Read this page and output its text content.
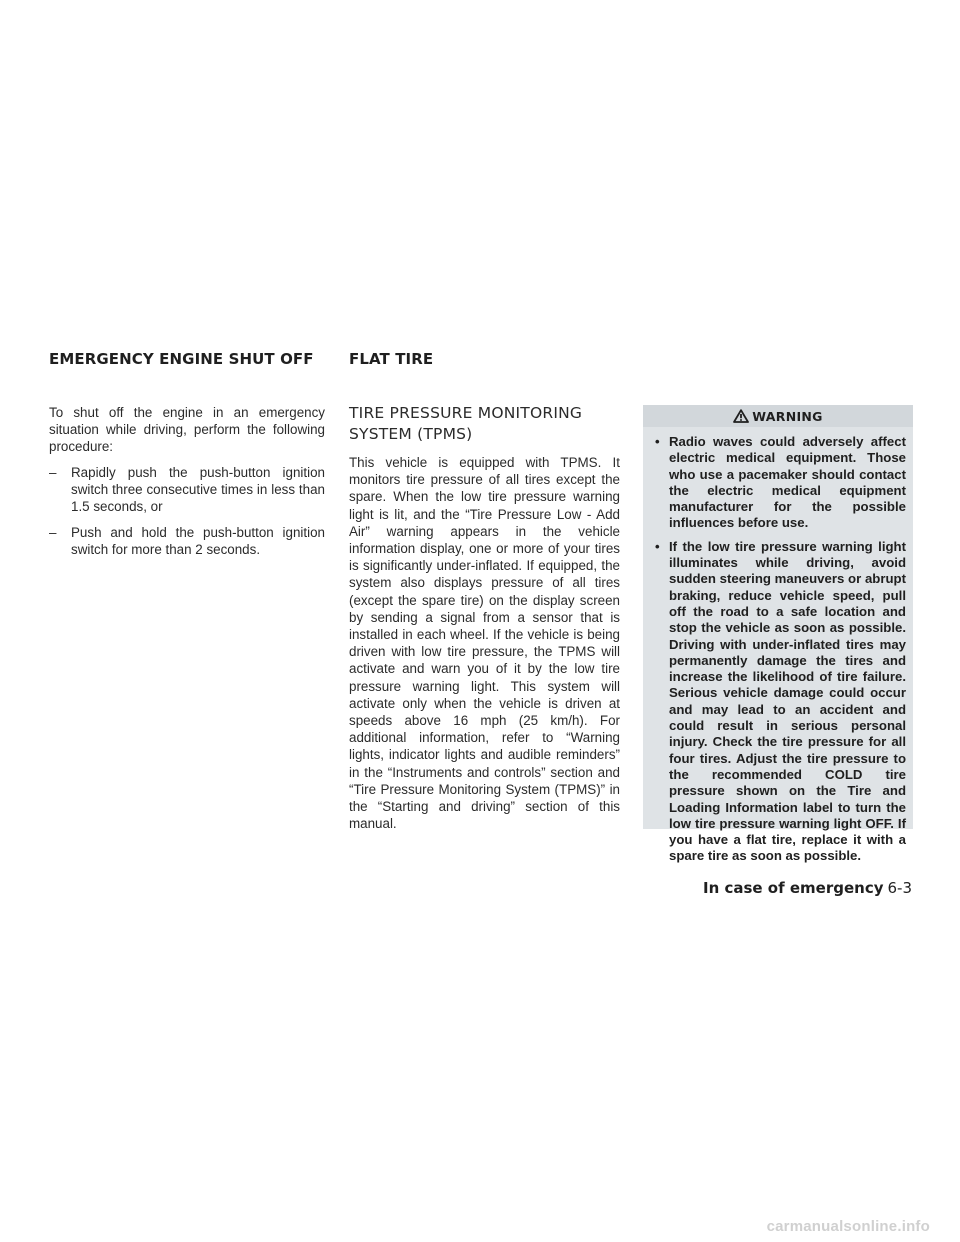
EMERGENCY ENGINE SHUT OFF

To shut off the engine in an emergency situation while driving, perform the following procedure:

– Rapidly push the push-button ignition switch three consecutive times in less than 1.5 seconds, or
– Push and hold the push-button ignition switch for more than 2 seconds.
FLAT TIRE
TIRE PRESSURE MONITORING SYSTEM (TPMS)

This vehicle is equipped with TPMS. It monitors tire pressure of all tires except the spare. When the low tire pressure warning light is lit, and the “Tire Pressure Low - Add Air” warning appears in the vehicle information display, one or more of your tires is significantly under-inflated. If equipped, the system also displays pressure of all tires (except the spare tire) on the display screen by sending a signal from a sensor that is installed in each wheel. If the vehicle is being driven with low tire pressure, the TPMS will activate and warn you of it by the low tire pressure warning light. This system will activate only when the vehicle is driven at speeds above 16 mph (25 km/h). For additional information, refer to “Warning lights, indicator lights and audible reminders” in the “Instruments and controls” section and “Tire Pressure Monitoring System (TPMS)” in the “Starting and driving” section of this manual.

WARNING
• Radio waves could adversely affect electric medical equipment. Those who use a pacemaker should contact the electric medical equipment manufacturer for the possible influences before use.
• If the low tire pressure warning light illuminates while driving, avoid sudden steering maneuvers or abrupt braking, reduce vehicle speed, pull off the road to a safe location and stop the vehicle as soon as possible. Driving with under-inflated tires may permanently damage the tires and increase the likelihood of tire failure. Serious vehicle damage could occur and may lead to an accident and could result in serious personal injury. Check the tire pressure for all four tires. Adjust the tire pressure to the recommended COLD tire pressure shown on the Tire and Loading Information label to turn the low tire pressure warning light OFF. If you have a flat tire, replace it with a spare tire as soon as possible.
In case of emergency 6-3
carmanualsonline.info
